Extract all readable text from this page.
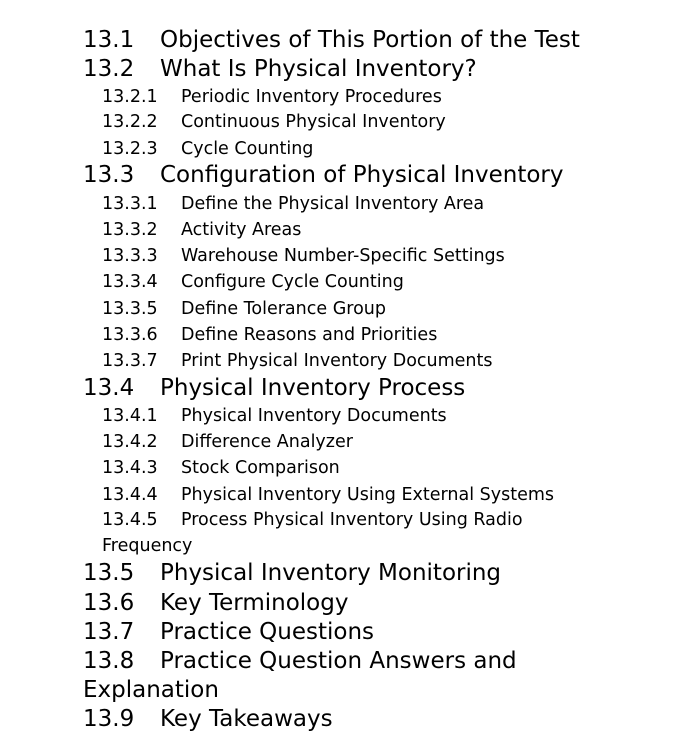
13.1 Objectives of This Portion of the Test
13.2 What Is Physical Inventory?
13.2.1 Periodic Inventory Procedures
13.2.2 Continuous Physical Inventory
13.2.3 Cycle Counting
13.3 Configuration of Physical Inventory
13.3.1 Define the Physical Inventory Area
13.3.2 Activity Areas
13.3.3 Warehouse Number-Specific Settings
13.3.4 Configure Cycle Counting
13.3.5 Define Tolerance Group
13.3.6 Define Reasons and Priorities
13.3.7 Print Physical Inventory Documents
13.4 Physical Inventory Process
13.4.1 Physical Inventory Documents
13.4.2 Difference Analyzer
13.4.3 Stock Comparison
13.4.4 Physical Inventory Using External Systems
13.4.5 Process Physical Inventory Using Radio Frequency
13.5 Physical Inventory Monitoring
13.6 Key Terminology
13.7 Practice Questions
13.8 Practice Question Answers and Explanation
13.9 Key Takeaways
